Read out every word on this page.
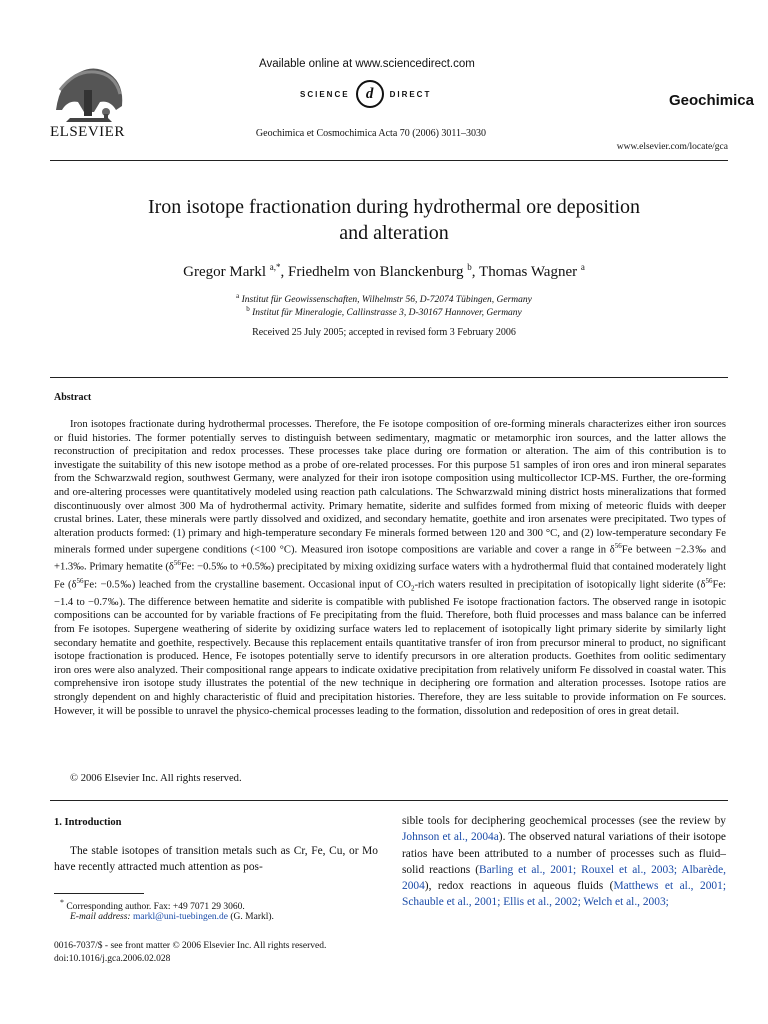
ELSEVIER
Available online at www.sciencedirect.com
SCIENCE	d	DIRECT
Geochimica et Cosmochimica Acta 70 (2006) 3011–3030
Geochimica
www.elsevier.com/locate/gca
Iron isotope fractionation during hydrothermal ore deposition
and alteration
Gregor Markl $^{a,*}$, Friedhelm von Blanckenburg $^b$, Thomas Wagner $^a$
$^a$ Institut für Geowissenschaften, Wilhelmstr 56, D-72074 Tübingen, Germany
$^b$ Institut für Mineralogie, Callinstrasse 3, D-30167 Hannover, Germany
Received 25 July 2005; accepted in revised form 3 February 2006
Abstract

Iron isotopes fractionate during hydrothermal processes. Therefore, the Fe isotope composition of ore-forming minerals characterizes either iron sources or fluid histories. The former potentially serves to distinguish between sedimentary, magmatic or metamorphic iron sources, and the latter allows the reconstruction of precipitation and redox processes. These processes take place during ore formation or alteration. The aim of this contribution is to investigate the suitability of this new isotope method as a probe of ore-related processes. For this purpose 51 samples of iron ores and iron mineral separates from the Schwarzwald region, southwest Germany, were analyzed for their iron isotope composition using multicollector ICP-MS. Further, the ore-forming and ore-altering processes were quantitatively modeled using reaction path calculations. The Schwarzwald mining district hosts mineralizations that formed discontinuously over almost 300 Ma of hydrothermal activity. Primary hematite, siderite and sulfides formed from mixing of meteoric fluids with deeper crustal brines. Later, these minerals were partly dissolved and oxidized, and secondary hematite, goethite and iron arsenates were precipitated. Two types of alteration products formed: (1) primary and high-temperature secondary Fe minerals formed between 120 and 300 °C, and (2) low-temperature secondary Fe minerals formed under supergene conditions (<100 °C). Measured iron isotope compositions are variable and cover a range in $\delta^{56}Fe$ between −2.3‰ and +1.3‰. Primary hematite ($\delta^{56}Fe$: −0.5‰ to +0.5‰) precipitated by mixing oxidizing surface waters with a hydrothermal fluid that contained moderately light Fe ($\delta^{56}Fe$: −0.5‰) leached from the crystalline basement. Occasional input of $CO_2$-rich waters resulted in precipitation of isotopically light siderite ($\delta^{56}Fe$: −1.4 to −0.7‰). The difference between hematite and siderite is compatible with published Fe isotope fractionation factors. The observed range in isotopic compositions can be accounted for by variable fractions of Fe precipitating from the fluid. Therefore, both fluid processes and mass balance can be inferred from Fe isotopes. Supergene weathering of siderite by oxidizing surface waters led to replacement of isotopically light primary siderite by similarly light secondary hematite and goethite, respectively. Because this replacement entails quantitative transfer of iron from precursor mineral to product, no significant isotope fractionation is produced. Hence, Fe isotopes potentially serve to identify precursors in ore alteration products. Goethites from oolitic sedimentary iron ores were also analyzed. Their compositional range appears to indicate oxidative precipitation from relatively uniform Fe dissolved in coastal water. This comprehensive iron isotope study illustrates the potential of the new technique in deciphering ore formation and alteration processes. Isotope ratios are strongly dependent on and highly characteristic of fluid and precipitation histories. Therefore, they are less suitable to provide information on Fe sources. However, it will be possible to unravel the physico-chemical processes leading to the formation, dissolution and redeposition of ores in great detail.

© 2006 Elsevier Inc. All rights reserved.
1. Introduction

The stable isotopes of transition metals such as Cr, Fe, Cu, or Mo have recently attracted much attention as pos-

* Corresponding author. Fax: +49 7071 29 3060.
E-mail address: markl@uni-tuebingen.de (G. Markl).
0016-7037/$ - see front matter © 2006 Elsevier Inc. All rights reserved.
doi:10.1016/j.gca.2006.02.028

sible tools for deciphering geochemical processes (see the review by Johnson et al., 2004a). The observed natural variations of their isotope ratios have been attributed to a number of processes such as fluid–solid reactions (Barling et al., 2001; Rouxel et al., 2003; Albarède, 2004), redox reactions in aqueous fluids (Matthews et al., 2001; Schauble et al., 2001; Ellis et al., 2002; Welch et al., 2003;
